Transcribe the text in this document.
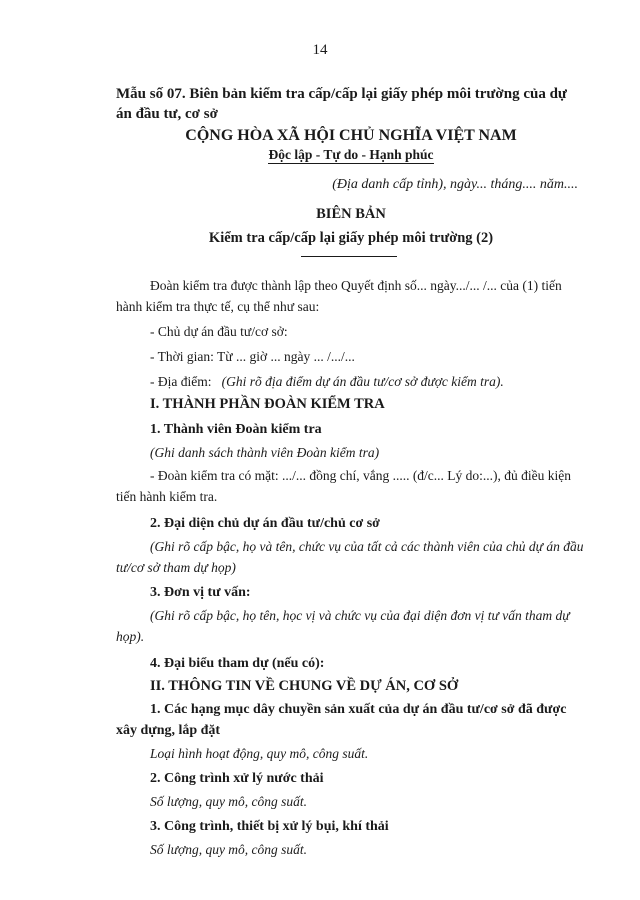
14
Mẫu số 07. Biên bản kiểm tra cấp/cấp lại giấy phép môi trường của dự án đầu tư, cơ sở
CỘNG HÒA XÃ HỘI CHỦ NGHĨA VIỆT NAM
Độc lập - Tự do - Hạnh phúc
(Địa danh cấp tỉnh), ngày... tháng.... năm....
BIÊN BẢN
Kiểm tra cấp/cấp lại giấy phép môi trường (2)

Đoàn kiểm tra được thành lập theo Quyết định số... ngày.../... /... của (1) tiến hành kiểm tra thực tế, cụ thể như sau:

- Chủ dự án đầu tư/cơ sở:

- Thời gian: Từ ... giờ ... ngày ... /.../...

- Địa điểm: (Ghi rõ địa điểm dự án đầu tư/cơ sở được kiểm tra).

I. THÀNH PHẦN ĐOÀN KIỂM TRA

1. Thành viên Đoàn kiểm tra

(Ghi danh sách thành viên Đoàn kiểm tra)

- Đoàn kiểm tra có mặt: .../... đồng chí, vắng ..... (đ/c... Lý do:...), đủ điều kiện tiến hành kiểm tra.

2. Đại diện chủ dự án đầu tư/chủ cơ sở

(Ghi rõ cấp bậc, họ và tên, chức vụ của tất cả các thành viên của chủ dự án đầu tư/cơ sở tham dự họp)

3. Đơn vị tư vấn:

(Ghi rõ cấp bậc, họ tên, học vị và chức vụ của đại diện đơn vị tư vấn tham dự họp).

4. Đại biểu tham dự (nếu có):

II. THÔNG TIN VỀ CHUNG VỀ DỰ ÁN, CƠ SỞ

1. Các hạng mục dây chuyền sản xuất của dự án đầu tư/cơ sở đã được xây dựng, lắp đặt

Loại hình hoạt động, quy mô, công suất.

2. Công trình xử lý nước thải

Số lượng, quy mô, công suất.

3. Công trình, thiết bị xử lý bụi, khí thải

Số lượng, quy mô, công suất.
